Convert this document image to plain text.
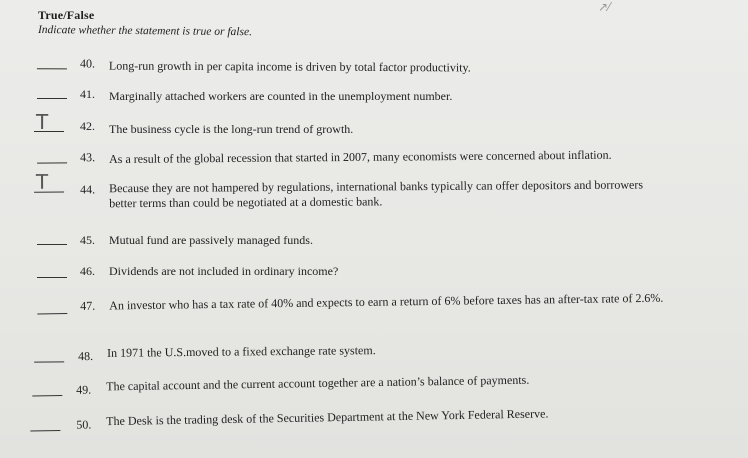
↗⁄
True/False
Indicate whether the statement is true or false.
40. Long-run growth in per capita income is driven by total factor productivity.
41. Marginally attached workers are counted in the unemployment number.
T	42. The business cycle is the long-run trend of growth.
43. As a result of the global recession that started in 2007, many economists were concerned about inflation.
T	44. Because they are not hampered by regulations, international banks typically can offer depositors and borrowers better terms than could be negotiated at a domestic bank.
45. Mutual fund are passively managed funds.
46. Dividends are not included in ordinary income?
47. An investor who has a tax rate of 40% and expects to earn a return of 6% before taxes has an after-tax rate of 2.6%.
48. In 1971 the U.S.moved to a fixed exchange rate system.
49. The capital account and the current account together are a nation’s balance of payments.
50. The Desk is the trading desk of the Securities Department at the New York Federal Reserve.
